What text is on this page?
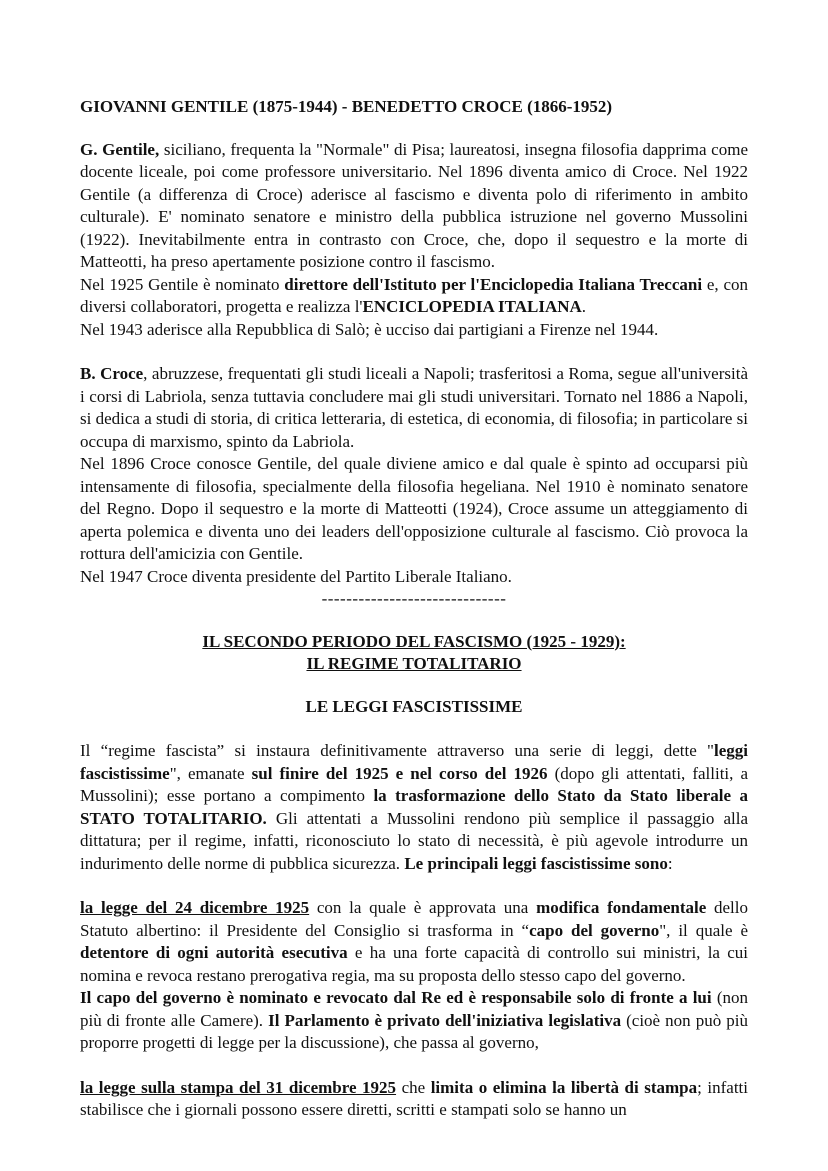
GIOVANNI GENTILE (1875-1944) - BENEDETTO CROCE (1866-1952)

G. Gentile, siciliano, frequenta la "Normale" di Pisa; laureatosi, insegna filosofia dapprima come docente liceale, poi come professore universitario. Nel 1896 diventa amico di Croce. Nel 1922 Gentile (a differenza di Croce) aderisce al fascismo e diventa polo di riferimento in ambito culturale). E' nominato senatore e ministro della pubblica istruzione nel governo Mussolini (1922). Inevitabilmente entra in contrasto con Croce, che, dopo il sequestro e la morte di Matteotti, ha preso apertamente posizione contro il fascismo.

Nel 1925 Gentile è nominato direttore dell'Istituto per l'Enciclopedia Italiana Treccani e, con diversi collaboratori, progetta e realizza l'ENCICLOPEDIA ITALIANA.

Nel 1943 aderisce alla Repubblica di Salò; è ucciso dai partigiani a Firenze nel 1944.

B. Croce, abruzzese, frequentati gli studi liceali a Napoli; trasferitosi a Roma, segue all'università i corsi di Labriola, senza tuttavia concludere mai gli studi universitari. Tornato nel 1886 a Napoli, si dedica a studi di storia, di critica letteraria, di estetica, di economia, di filosofia; in particolare si occupa di marxismo, spinto da Labriola.

Nel 1896 Croce conosce Gentile, del quale diviene amico e dal quale è spinto ad occuparsi più intensamente di filosofia, specialmente della filosofia hegeliana. Nel 1910 è nominato senatore del Regno. Dopo il sequestro e la morte di Matteotti (1924), Croce assume un atteggiamento di aperta polemica e diventa uno dei leaders dell'opposizione culturale al fascismo. Ciò provoca la rottura dell'amicizia con Gentile.

Nel 1947 Croce diventa presidente del Partito Liberale Italiano.

------------------------------

IL SECONDO PERIODO DEL FASCISMO (1925 - 1929):

IL REGIME TOTALITARIO

LE LEGGI FASCISTISSIME

Il “regime fascista” si instaura definitivamente attraverso una serie di leggi, dette "leggi fascistissime", emanate sul finire del 1925 e nel corso del 1926 (dopo gli attentati, falliti, a Mussolini); esse portano a compimento la trasformazione dello Stato da Stato liberale a STATO TOTALITARIO. Gli attentati a Mussolini rendono più semplice il passaggio alla dittatura; per il regime, infatti, riconosciuto lo stato di necessità, è più agevole introdurre un indurimento delle norme di pubblica sicurezza. Le principali leggi fascistissime sono:

la legge del 24 dicembre 1925 con la quale è approvata una modifica fondamentale dello Statuto albertino: il Presidente del Consiglio si trasforma in “capo del governo", il quale è detentore di ogni autorità esecutiva e ha una forte capacità di controllo sui ministri, la cui nomina e revoca restano prerogativa regia, ma su proposta dello stesso capo del governo.

Il capo del governo è nominato e revocato dal Re ed è responsabile solo di fronte a lui (non più di fronte alle Camere). Il Parlamento è privato dell'iniziativa legislativa (cioè non può più proporre progetti di legge per la discussione), che passa al governo,

la legge sulla stampa del 31 dicembre 1925 che limita o elimina la libertà di stampa; infatti stabilisce che i giornali possono essere diretti, scritti e stampati solo se hanno un
